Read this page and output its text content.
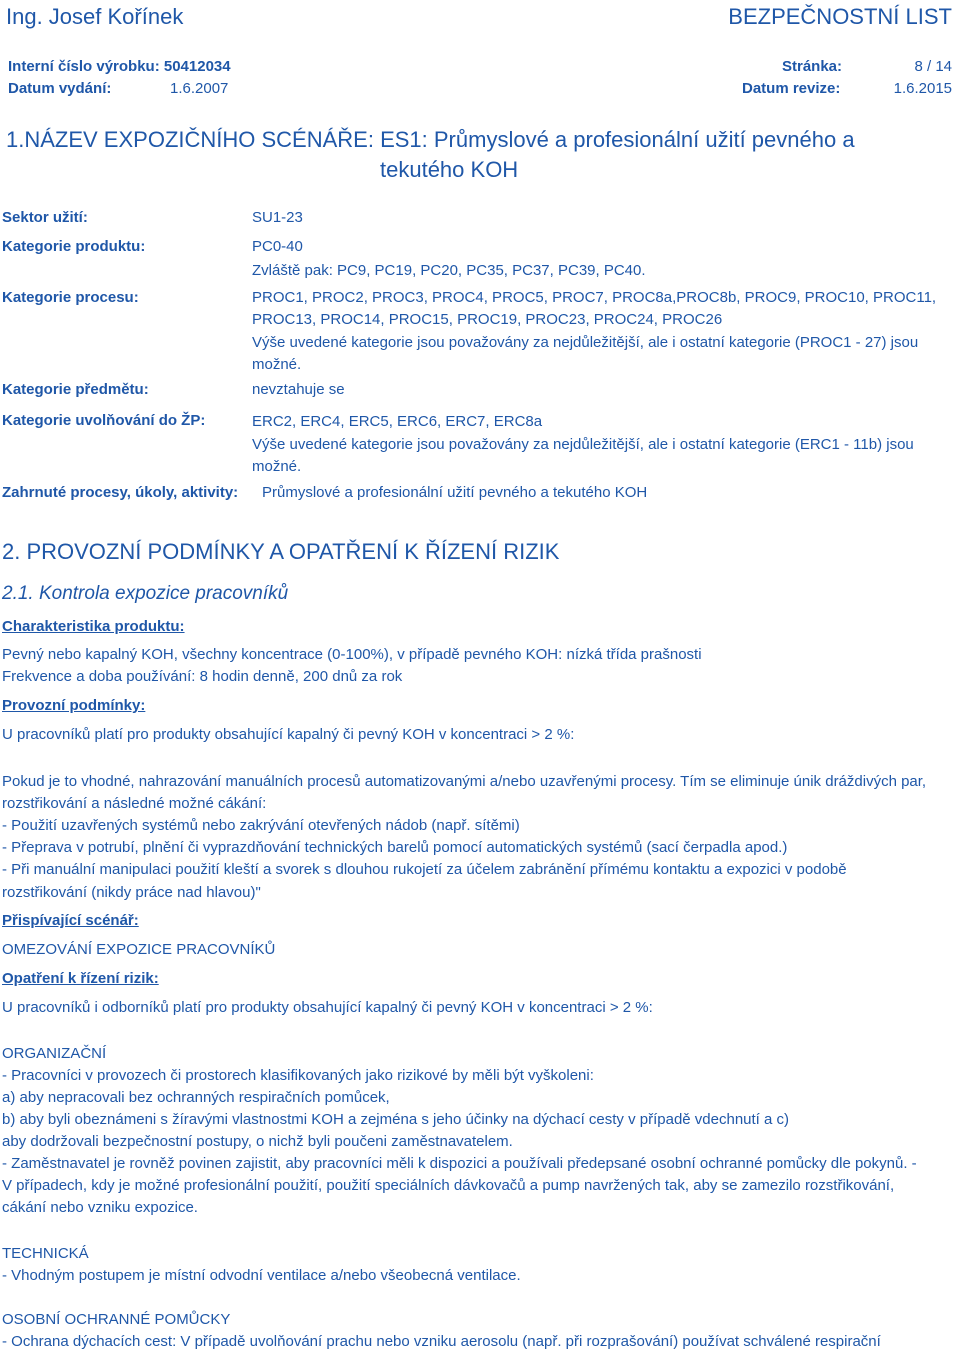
Ing. Josef Kořínek	BEZPEČNOSTNÍ LIST
Interní číslo výrobku: 50412034	Stránka:	8 / 14
Datum vydání:	1.6.2007	Datum revize:	1.6.2015
1.NÁZEV EXPOZIČNÍHO SCÉNÁŘE: ES1: Průmyslové a profesionální užití pevného a
tekutého KOH
Sektor užití:	SU1-23
Kategorie produktu:	PC0-40
Zvláště pak: PC9, PC19, PC20, PC35, PC37, PC39, PC40.
Kategorie procesu:	PROC1, PROC2, PROC3, PROC4, PROC5, PROC7, PROC8a,PROC8b, PROC9, PROC10, PROC11,
PROC13, PROC14, PROC15, PROC19, PROC23, PROC24, PROC26
Výše uvedené kategorie jsou považovány za nejdůležitější, ale i ostatní kategorie (PROC1 - 27) jsou
možné.
Kategorie předmětu:	nevztahuje se
Kategorie uvolňování do ŽP:	ERC2, ERC4, ERC5, ERC6, ERC7, ERC8a
Výše uvedené kategorie jsou považovány za nejdůležitější, ale i ostatní kategorie (ERC1 - 11b) jsou
možné.
Zahrnuté procesy, úkoly, aktivity: Průmyslové a profesionální užití pevného a tekutého KOH
2. PROVOZNÍ PODMÍNKY A OPATŘENÍ K ŘÍZENÍ RIZIK
2.1. Kontrola expozice pracovníků
Charakteristika produktu:
Pevný nebo kapalný KOH, všechny koncentrace (0-100%), v případě pevného KOH: nízká třída prašnosti
Frekvence a doba používání: 8 hodin denně, 200 dnů za rok
Provozní podmínky:
U pracovníků platí pro produkty obsahující kapalný či pevný KOH v koncentraci > 2 %:
Pokud je to vhodné, nahrazování manuálních procesů automatizovanými a/nebo uzavřenými procesy. Tím se eliminuje únik dráždivých par,
rozstřikování a následné možné cákání:
- Použití uzavřených systémů nebo zakrývání otevřených nádob (např. sítěmi)
- Přeprava v potrubí, plnění či vyprazdňování technických barelů pomocí automatických systémů (sací čerpadla apod.)
- Při manuální manipulaci použití kleští a svorek s dlouhou rukojetí za účelem zabránění přímému kontaktu a expozici v podobě
rozstřikování (nikdy práce nad hlavou)"
Přispívající scénář:
OMEZOVÁNÍ EXPOZICE PRACOVNÍKŮ
Opatření k řízení rizik:
U pracovníků i odborníků platí pro produkty obsahující kapalný či pevný KOH v koncentraci > 2 %:
ORGANIZAČNÍ
- Pracovníci v provozech či prostorech klasifikovaných jako rizikové by měli být vyškoleni:
a) aby nepracovali bez ochranných respiračních pomůcek,
b) aby byli obeznámeni s žíravými vlastnostmi KOH a zejména s jeho účinky na dýchací cesty v případě vdechnutí a c)
aby dodržovali bezpečnostní postupy, o nichž byli poučeni zaměstnavatelem.
- Zaměstnavatel je rovněž povinen zajistit, aby pracovníci měli k dispozici a používali předepsané osobní ochranné pomůcky dle pokynů. -
V případech, kdy je možné profesionální použití, použití speciálních dávkovačů a pump navržených tak, aby se zamezilo rozstřikování,
cákání nebo vzniku expozice.
TECHNICKÁ
- Vhodným postupem je místní odvodní ventilace a/nebo všeobecná ventilace.
OSOBNÍ OCHRANNÉ POMŮCKY
- Ochrana dýchacích cest: V případě uvolňování prachu nebo vzniku aerosolu (např. při rozprašování) používat schválené respirační
